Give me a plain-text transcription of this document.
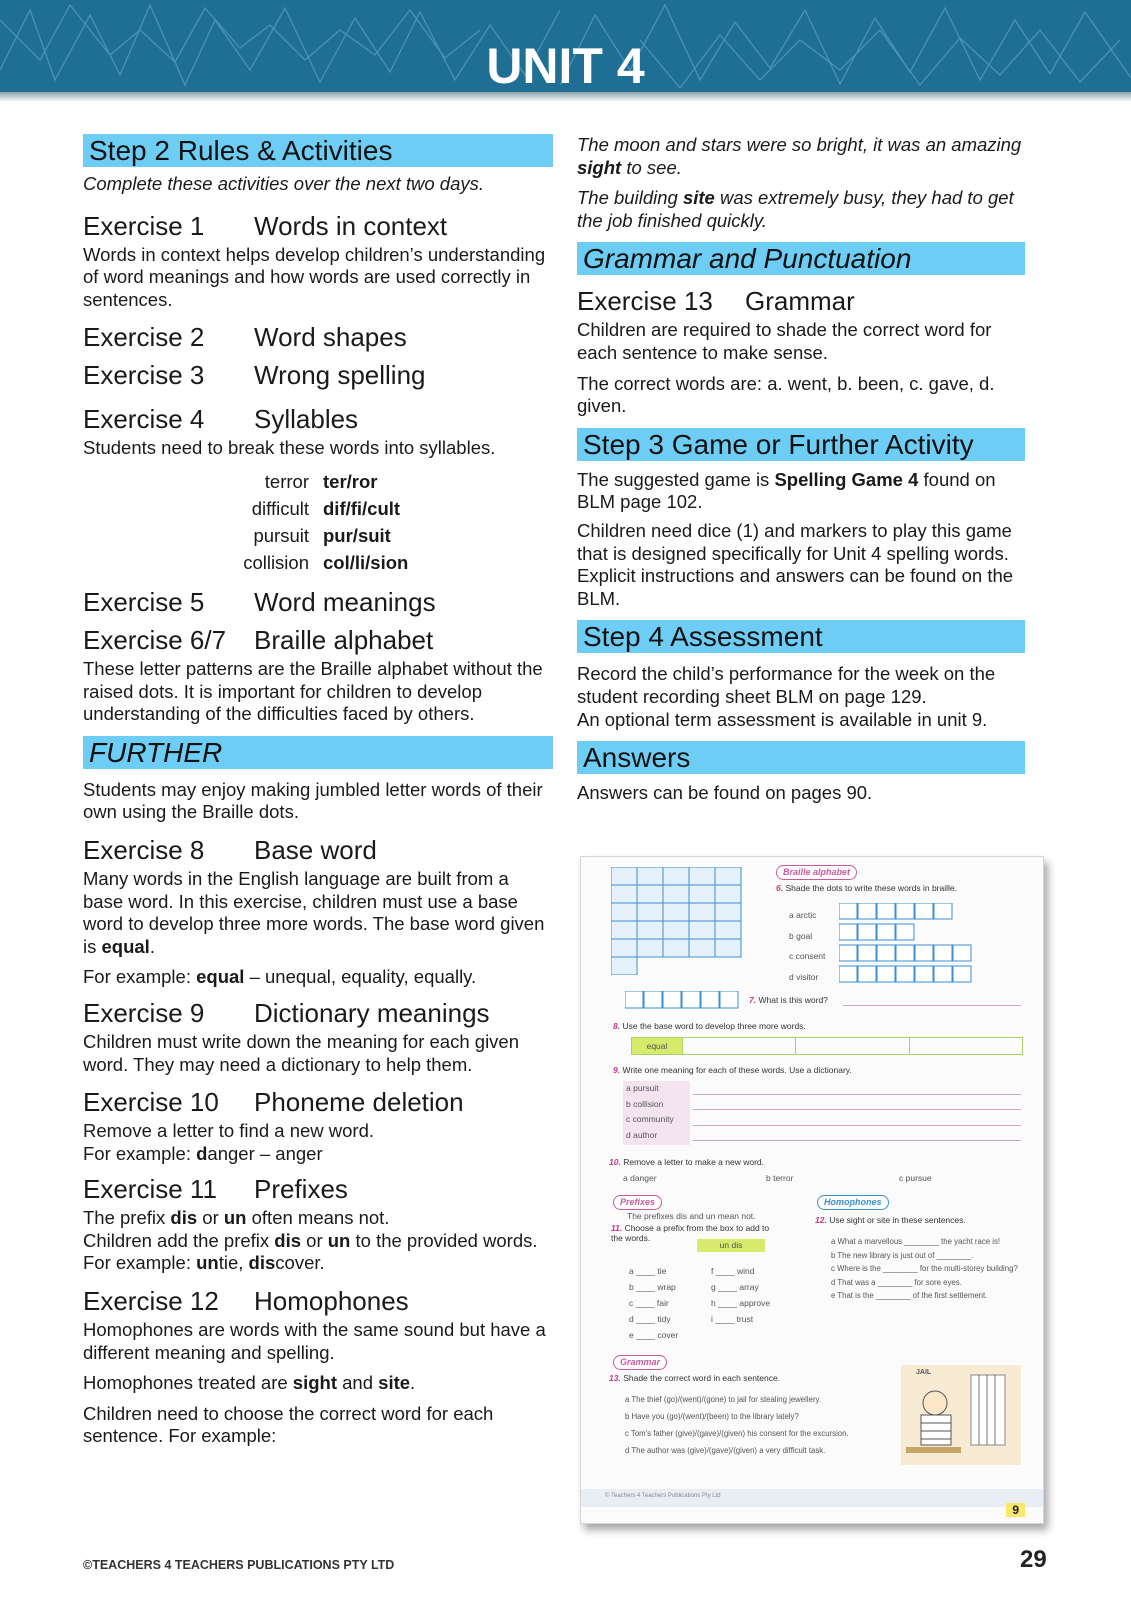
UNIT 4
Step 2 Rules & Activities

Complete these activities over the next two days.

Exercise 1	Words in context

Words in context helps develop children’s understanding of word meanings and how words are used correctly in sentences.

Exercise 2	Word shapes
Exercise 3	Wrong spelling
Exercise 4	Syllables

Students need to break these words into syllables.

terror ter/ror
difficult dif/fi/cult
pursuit pur/suit
collision col/li/sion
Exercise 5	Word meanings
Exercise 6/7	Braille alphabet

These letter patterns are the Braille alphabet without the raised dots. It is important for children to develop understanding of the difficulties faced by others.

FURTHER

Students may enjoy making jumbled letter words of their own using the Braille dots.

Exercise 8	Base word

Many words in the English language are built from a base word. In this exercise, children must use a base word to develop three more words. The base word given is equal.

For example: equal – unequal, equality, equally.

Exercise 9	Dictionary meanings

Children must write down the meaning for each given word. They may need a dictionary to help them.

Exercise 10	Phoneme deletion

Remove a letter to find a new word.

For example: danger – anger

Exercise 11	Prefixes

The prefix dis or un often means not.

Children add the prefix dis or un to the provided words. For example: untie, discover.

Exercise 12	Homophones

Homophones are words with the same sound but have a different meaning and spelling.

Homophones treated are sight and site.

Children need to choose the correct word for each sentence. For example:

The moon and stars were so bright, it was an amazing sight to see.

The building site was extremely busy, they had to get the job finished quickly.

Grammar and Punctuation
Exercise 13	Grammar

Children are required to shade the correct word for each sentence to make sense.

The correct words are: a. went, b. been, c. gave, d. given.

Step 3 Game or Further Activity

The suggested game is Spelling Game 4 found on BLM page 102.

Children need dice (1) and markers to play this game that is designed specifically for Unit 4 spelling words. Explicit instructions and answers can be found on the BLM.

Step 4 Assessment

Record the child’s performance for the week on the student recording sheet BLM on page 129.

An optional term assessment is available in unit 9.

Answers

Answers can be found on pages 90.

Braille alphabet
6. Shade the dots to write these words in braille.
a arctic
b goal
c consent
d visitor
7. What is this word?
8. Use the base word to develop three more words.
equal
9. Write one meaning for each of these words. Use a dictionary.
a pursuit
b collision
c community
d author
10. Remove a letter to make a new word.
a danger	b terror	c pursue
Prefixes
The prefixes dis and un mean not.
11. Choose a prefix from the box to add to the words.
un dis
a ____ tie
b ____ wrap
c ____ fair
d ____ tidy
e ____ cover
f ____ wind
g ____ array
h ____ approve
i ____ trust
Homophones
12. Use sight or site in these sentences.
a What a marvellous ________ the yacht race is!
b The new library is just out of ________.
c Where is the ________ for the multi-storey building?
d That was a ________ for sore eyes.
e That is the ________ of the first settlement.
Grammar
13. Shade the correct word in each sentence.
a The thief (go)/(went)/(gone) to jail for stealing jewellery.
b Have you (go)/(went)/(been) to the library lately?
c Tom's father (give)/(gave)/(given) his consent for the excursion.
d The author was (give)/(gave)/(given) a very difficult task.
JAIL
© Teachers 4 Teachers Publications Pty Ltd
9
©TEACHERS 4 TEACHERS PUBLICATIONS PTY LTD	29
